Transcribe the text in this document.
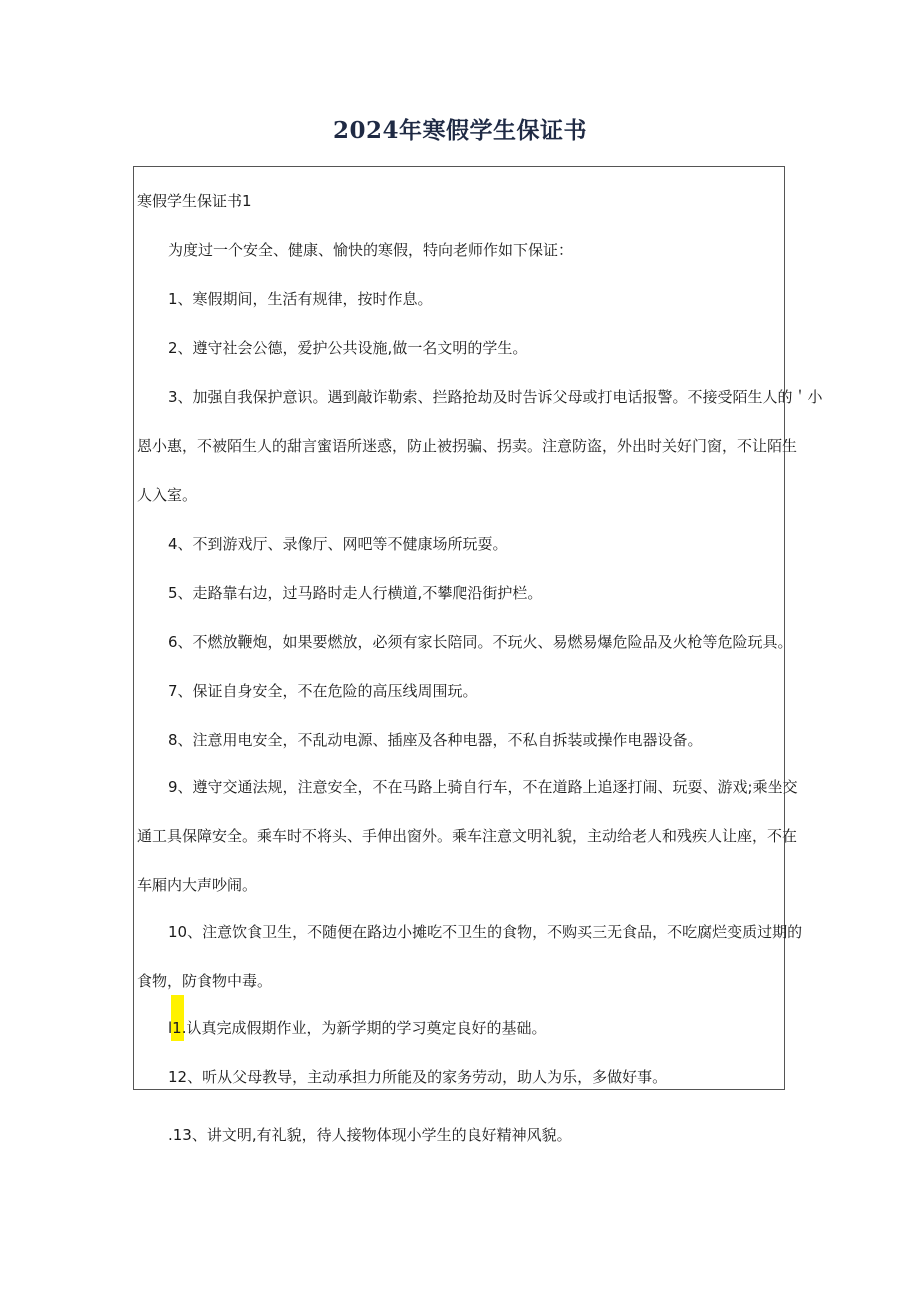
2024年寒假学生保证书
寒假学生保证书1
为度过一个安全、健康、愉快的寒假，特向老师作如下保证：
1、寒假期间，生活有规律，按时作息。
2、遵守社会公德，爱护公共设施,做一名文明的学生。
3、加强自我保护意识。遇到敲诈勒索、拦路抢劫及时告诉父母或打电话报警。不接受陌生人的＇小
恩小惠，不被陌生人的甜言蜜语所迷惑，防止被拐骗、拐卖。注意防盗，外出时关好门窗，不让陌生
人入室。
4、不到游戏厅、录像厅、网吧等不健康场所玩耍。
5、走路靠右边，过马路时走人行横道,不攀爬沿街护栏。
6、不燃放鞭炮，如果要燃放，必须有家长陪同。不玩火、易燃易爆危险品及火枪等危险玩具。
7、保证自身安全，不在危险的高压线周围玩。
8、注意用电安全，不乱动电源、插座及各种电器，不私自拆装或操作电器设备。
9、遵守交通法规，注意安全，不在马路上骑自行车，不在道路上追逐打闹、玩耍、游戏;乘坐交
通工具保障安全。乘车时不将头、手伸出窗外。乘车注意文明礼貌，主动给老人和残疾人让座，不在
车厢内大声吵闹。
10、注意饮食卫生，不随便在路边小摊吃不卫生的食物，不购买三无食品，不吃腐烂变质过期的
食物，防食物中毒。
l1.认真完成假期作业，为新学期的学习奠定良好的基础。
12、听从父母教导，主动承担力所能及的家务劳动，助人为乐，多做好事。
.13、讲文明,有礼貌，待人接物体现小学生的良好精神风貌。
